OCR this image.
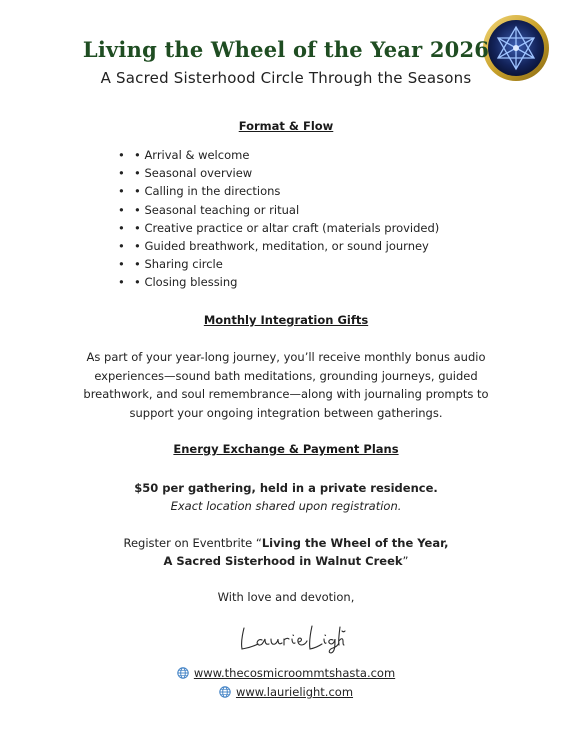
Living the Wheel of the Year 2026
A Sacred Sisterhood Circle Through the Seasons
Format & Flow
• • Arrival & welcome
• • Seasonal overview
• • Calling in the directions
• • Seasonal teaching or ritual
• • Creative practice or altar craft (materials provided)
• • Guided breathwork, meditation, or sound journey
• • Sharing circle
• • Closing blessing
Monthly Integration Gifts
As part of your year-long journey, you’ll receive monthly bonus audio
experiences—sound bath meditations, grounding journeys, guided
breathwork, and soul remembrance—along with journaling prompts to
support your ongoing integration between gatherings.
Energy Exchange & Payment Plans
$50 per gathering, held in a private residence.
Exact location shared upon registration.
Register on Eventbrite “Living the Wheel of the Year,
A Sacred Sisterhood in Walnut Creek”
With love and devotion,
www.thecosmicroommtshasta.com
www.laurielight.com
